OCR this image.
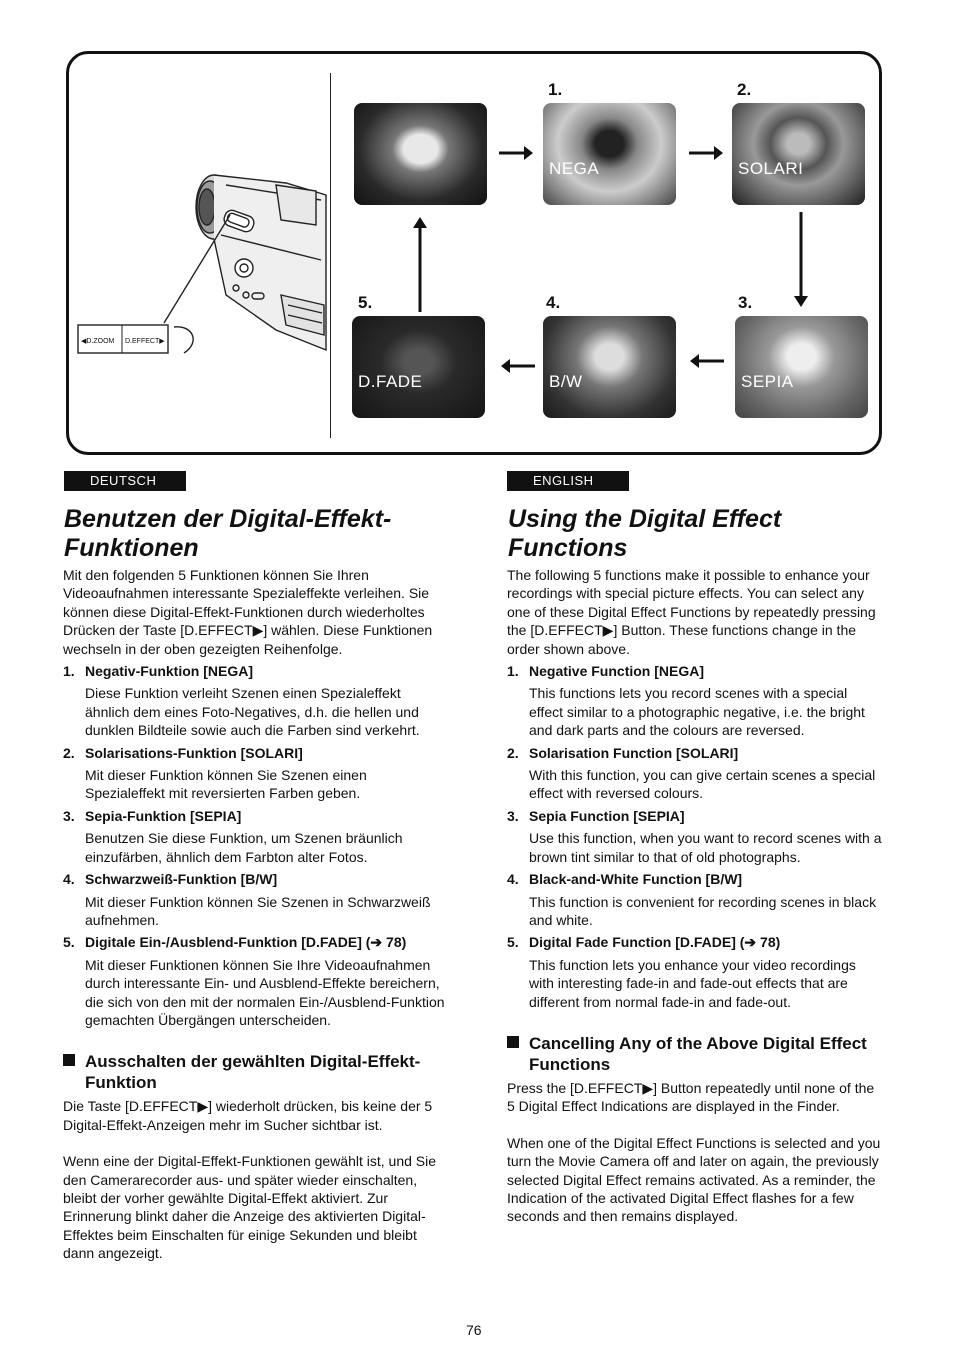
◀D.ZOOM D.EFFECT▶
1.
NEGA
2.
SOLARI
3.
SEPIA
4.
B/W
5.
D.FADE
DEUTSCH
Benutzen der Digital-Effekt-
Funktionen

Mit den folgenden 5 Funktionen können Sie Ihren Videoaufnahmen interessante Spezialeffekte verleihen. Sie können diese Digital-Effekt-Funktionen durch wiederholtes Drücken der Taste [D.EFFECT▶] wählen. Diese Funktionen wechseln in der oben gezeigten Reihenfolge.

1. Negativ-Funktion [NEGA]

Diese Funktion verleiht Szenen einen Spezialeffekt ähnlich dem eines Foto-Negatives, d.h. die hellen und dunklen Bildteile sowie auch die Farben sind verkehrt.

2. Solarisations-Funktion [SOLARI]

Mit dieser Funktion können Sie Szenen einen Spezialeffekt mit reversierten Farben geben.

3. Sepia-Funktion [SEPIA]

Benutzen Sie diese Funktion, um Szenen bräunlich einzufärben, ähnlich dem Farbton alter Fotos.

4. Schwarzweiß-Funktion [B/W]

Mit dieser Funktion können Sie Szenen in Schwarzweiß aufnehmen.

5. Digitale Ein-/Ausblend-Funktion [D.FADE] (➔ 78)

Mit dieser Funktionen können Sie Ihre Videoaufnahmen durch interessante Ein- und Ausblend-Effekte bereichern, die sich von den mit der normalen Ein-/Ausblend-Funktion gemachten Übergängen unterscheiden.

Ausschalten der gewählten Digital-Effekt-Funktion

Die Taste [D.EFFECT▶] wiederholt drücken, bis keine der 5 Digital-Effekt-Anzeigen mehr im Sucher sichtbar ist.

Wenn eine der Digital-Effekt-Funktionen gewählt ist, und Sie den Camerarecorder aus- und später wieder einschalten, bleibt der vorher gewählte Digital-Effekt aktiviert. Zur Erinnerung blinkt daher die Anzeige des aktivierten Digital-Effektes beim Einschalten für einige Sekunden und bleibt dann angezeigt.

ENGLISH
Using the Digital Effect
Functions

The following 5 functions make it possible to enhance your recordings with special picture effects. You can select any one of these Digital Effect Functions by repeatedly pressing the [D.EFFECT▶] Button. These functions change in the order shown above.

1. Negative Function [NEGA]

This functions lets you record scenes with a special effect similar to a photographic negative, i.e. the bright and dark parts and the colours are reversed.

2. Solarisation Function [SOLARI]

With this function, you can give certain scenes a special effect with reversed colours.

3. Sepia Function [SEPIA]

Use this function, when you want to record scenes with a brown tint similar to that of old photographs.

4. Black-and-White Function [B/W]

This function is convenient for recording scenes in black and white.

5. Digital Fade Function [D.FADE] (➔ 78)

This function lets you enhance your video recordings with interesting fade-in and fade-out effects that are different from normal fade-in and fade-out.

Cancelling Any of the Above Digital Effect Functions

Press the [D.EFFECT▶] Button repeatedly until none of the 5 Digital Effect Indications are displayed in the Finder.

When one of the Digital Effect Functions is selected and you turn the Movie Camera off and later on again, the previously selected Digital Effect remains activated. As a reminder, the Indication of the activated Digital Effect flashes for a few seconds and then remains displayed.

76
